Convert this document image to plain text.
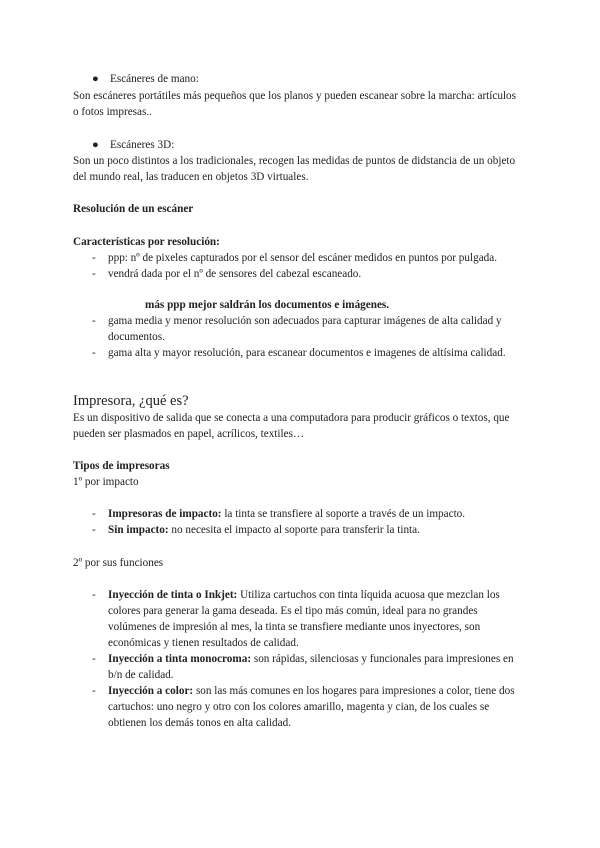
●	Escáneres de mano:

Son escáneres portátiles más pequeños que los planos y pueden escanear sobre la marcha: artículos o fotos impresas..

●	Escáneres 3D:

Son un poco distintos a los tradicionales, recogen las medidas de puntos de didstancia de un objeto del mundo real, las traducen en objetos 3D virtuales.

Resolución de un escáner

Características por resolución:

- ppp: nº de pixeles capturados por el sensor del escáner medidos en puntos por pulgada.
- vendrá dada por el nº de sensores del cabezal escaneado.

más ppp mejor saldrán los documentos e imágenes.

- gama media y menor resolución son adecuados para capturar imágenes de alta calidad y documentos.
- gama alta y mayor resolución, para escanear documentos e imagenes de altísima calidad.
Impresora, ¿qué es?

Es un dispositivo de salida que se conecta a una computadora para producir gráficos o textos, que pueden ser plasmados en papel, acrílicos, textiles…

Tipos de impresoras

1º por impacto

- Impresoras de impacto: la tinta se transfiere al soporte a través de un impacto.
- Sin impacto: no necesita el impacto al soporte para transferir la tinta.

2º por sus funciones

- Inyección de tinta o Inkjet: Utiliza cartuchos con tinta líquida acuosa que mezclan los colores para generar la gama deseada. Es el tipo más común, ideal para no grandes volúmenes de impresión al mes, la tinta se transfiere mediante unos inyectores, son económicas y tienen resultados de calidad.
- Inyección a tinta monocroma: son rápidas, silenciosas y funcionales para impresiones en b/n de calidad.
- Inyección a color: son las más comunes en los hogares para impresiones a color, tiene dos cartuchos: uno negro y otro con los colores amarillo, magenta y cian, de los cuales se obtienen los demás tonos en alta calidad.
